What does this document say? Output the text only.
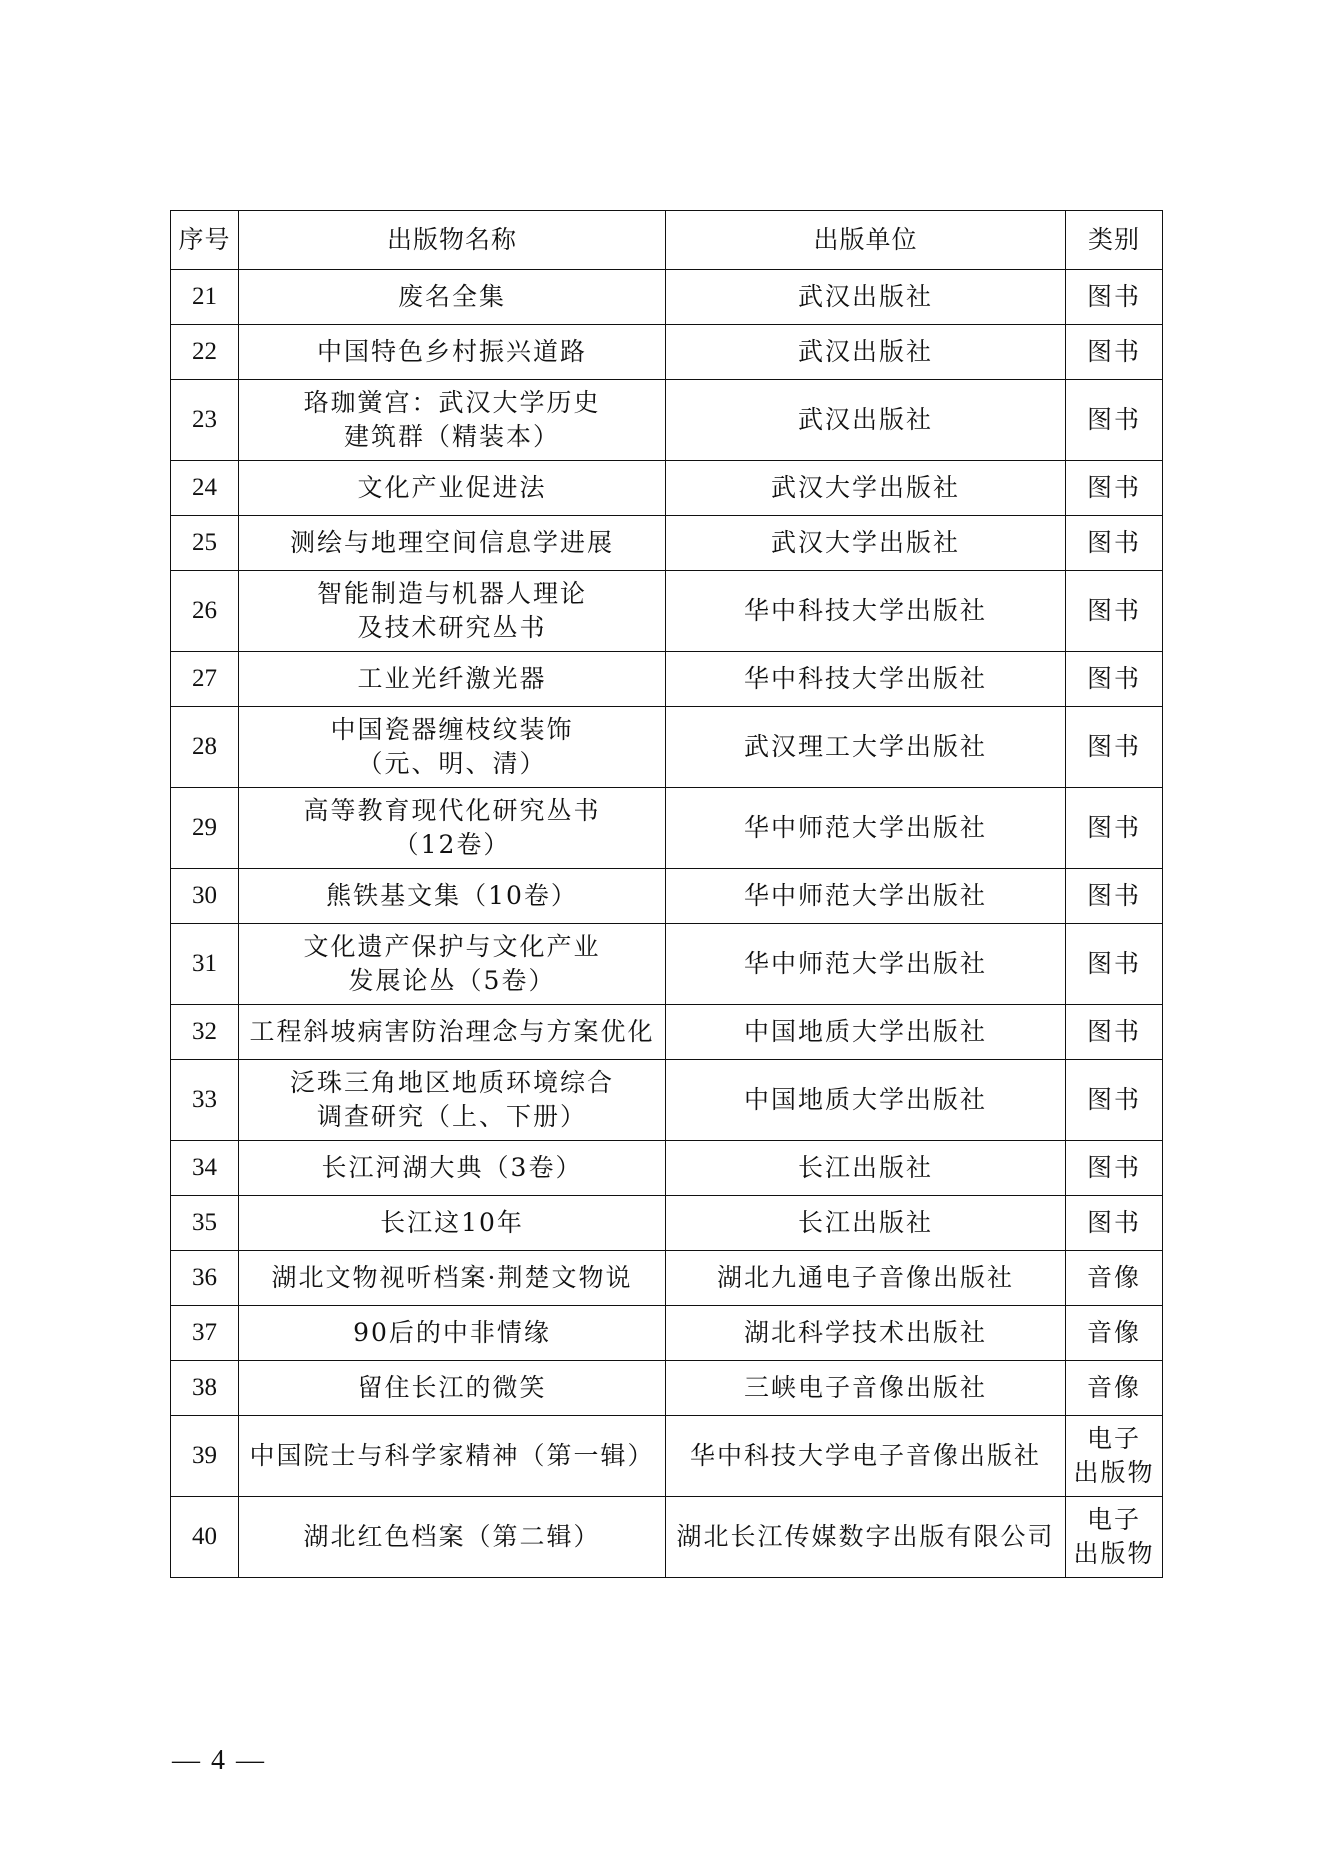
序号	出版物名称	出版单位	类别
21	废名全集	武汉出版社	图书

22	中国特色乡村振兴道路	武汉出版社	图书

23	珞珈黉宫：武汉大学历史
建筑群（精装本）	武汉出版社	图书

24	文化产业促进法	武汉大学出版社	图书

25	测绘与地理空间信息学进展	武汉大学出版社	图书

26	智能制造与机器人理论
及技术研究丛书	华中科技大学出版社	图书

27	工业光纤激光器	华中科技大学出版社	图书

28	中国瓷器缠枝纹装饰
（元、明、清）	武汉理工大学出版社	图书

29	高等教育现代化研究丛书
（12卷）	华中师范大学出版社	图书

30	熊铁基文集（10卷）	华中师范大学出版社	图书

31	文化遗产保护与文化产业
发展论丛（5卷）	华中师范大学出版社	图书

32	工程斜坡病害防治理念与方案优化	中国地质大学出版社	图书

33	泛珠三角地区地质环境综合
调查研究（上、下册）	中国地质大学出版社	图书

34	长江河湖大典（3卷）	长江出版社	图书

35	长江这10年	长江出版社	图书

36	湖北文物视听档案·荆楚文物说	湖北九通电子音像出版社	音像

37	90后的中非情缘	湖北科学技术出版社	音像

38	留住长江的微笑	三峡电子音像出版社	音像

39	中国院士与科学家精神（第一辑）	华中科技大学电子音像出版社	电子
出版物

40	湖北红色档案（第二辑）	湖北长江传媒数字出版有限公司	电子
出版物
— 4 —
